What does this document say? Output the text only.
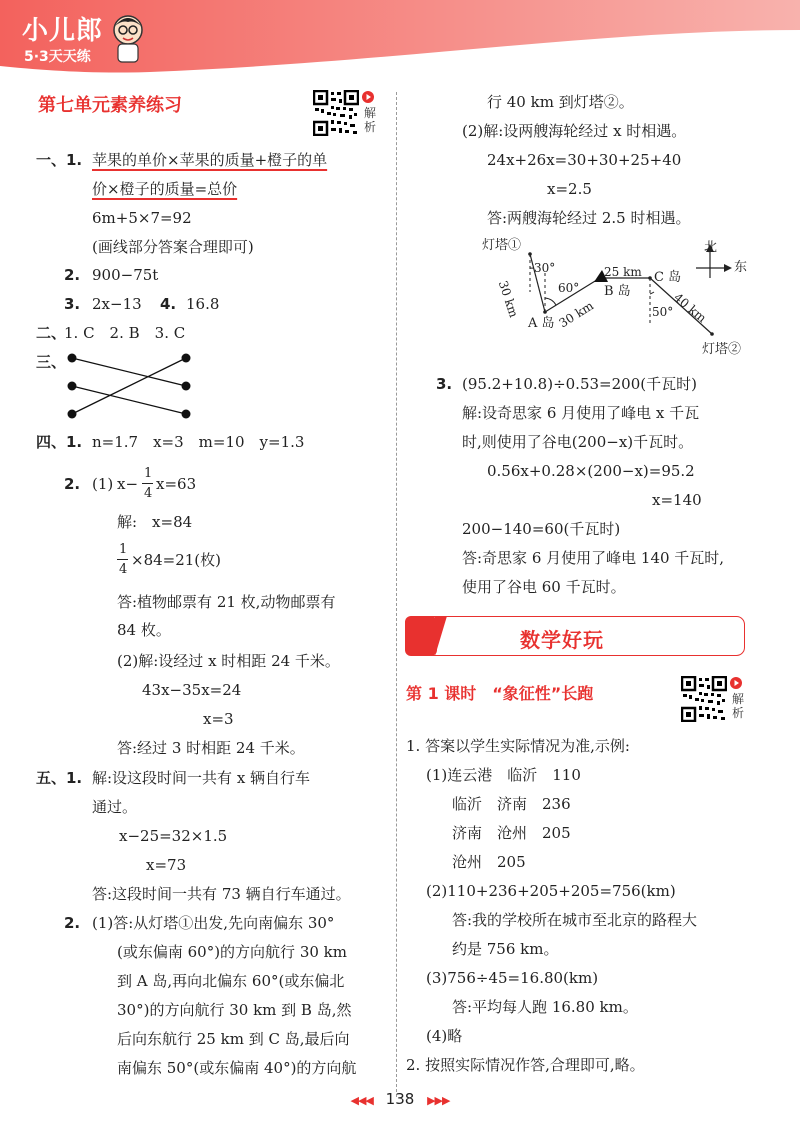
小儿郎
5·3天天练
第七单元素养练习	解析
一、1. 苹果的单价×苹果的质量+橙子的单
价×橙子的质量=总价
6m+5×7=92
(画线部分答案合理即可)
2. 900−75t
3. 2x−13 4. 16.8
二、
1. C　2. B　3. C
三、
四、1. n=1.7　x=3　m=10　y=1.3
2. (1) x−
1
4
x=63
解:　x=84
1
4
×84=21(枚)
答:植物邮票有 21 枚,动物邮票有
84 枚。
(2)解:设经过 x 时相距 24 千米。
43x−35x=24
x=3
答:经过 3 时相距 24 千米。
五、1. 解:设这段时间一共有 x 辆自行车
通过。
x−25=32×1.5
x=73
答:这段时间一共有 73 辆自行车通过。
2. (1)答:从灯塔①出发,先向南偏东 30°
(或东偏南 60°)的方向航行 30 km
到 A 岛,再向北偏东 60°(或东偏北
30°)的方向航行 30 km 到 B 岛,然
后向东航行 25 km 到 C 岛,最后向
南偏东 50°(或东偏南 40°)的方向航
行 40 km 到灯塔②。
(2)解:设两艘海轮经过 x 时相遇。
24x+26x=30+30+25+40
x=2.5
答:两艘海轮经过 2.5 时相遇。
灯塔①
30°
60°
30 km	30 km
A 岛
B 岛
25 km C 岛
50°
40 km
灯塔②
北
东
3. (95.2+10.8)÷0.53=200(千瓦时)
解:设奇思家 6 月使用了峰电 x 千瓦
时,则使用了谷电(200−x)千瓦时。
0.56x+0.28×(200−x)=95.2
x=140
200−140=60(千瓦时)
答:奇思家 6 月使用了峰电 140 千瓦时,
使用了谷电 60 千瓦时。
数学好玩
第 1 课时　“象征性”长跑	解析
1. 答案以学生实际情况为准,示例:
(1)连云港　临沂　110
临沂　济南　236
济南　沧州　205
沧州　205
(2)110+236+205+205=756(km)
答:我的学校所在城市至北京的路程大
约是 756 km。
(3)756÷45=16.80(km)
答:平均每人跑 16.80 km。
(4)略
2. 按照实际情况作答,合理即可,略。
◀◀◀ 138 ▶▶▶
